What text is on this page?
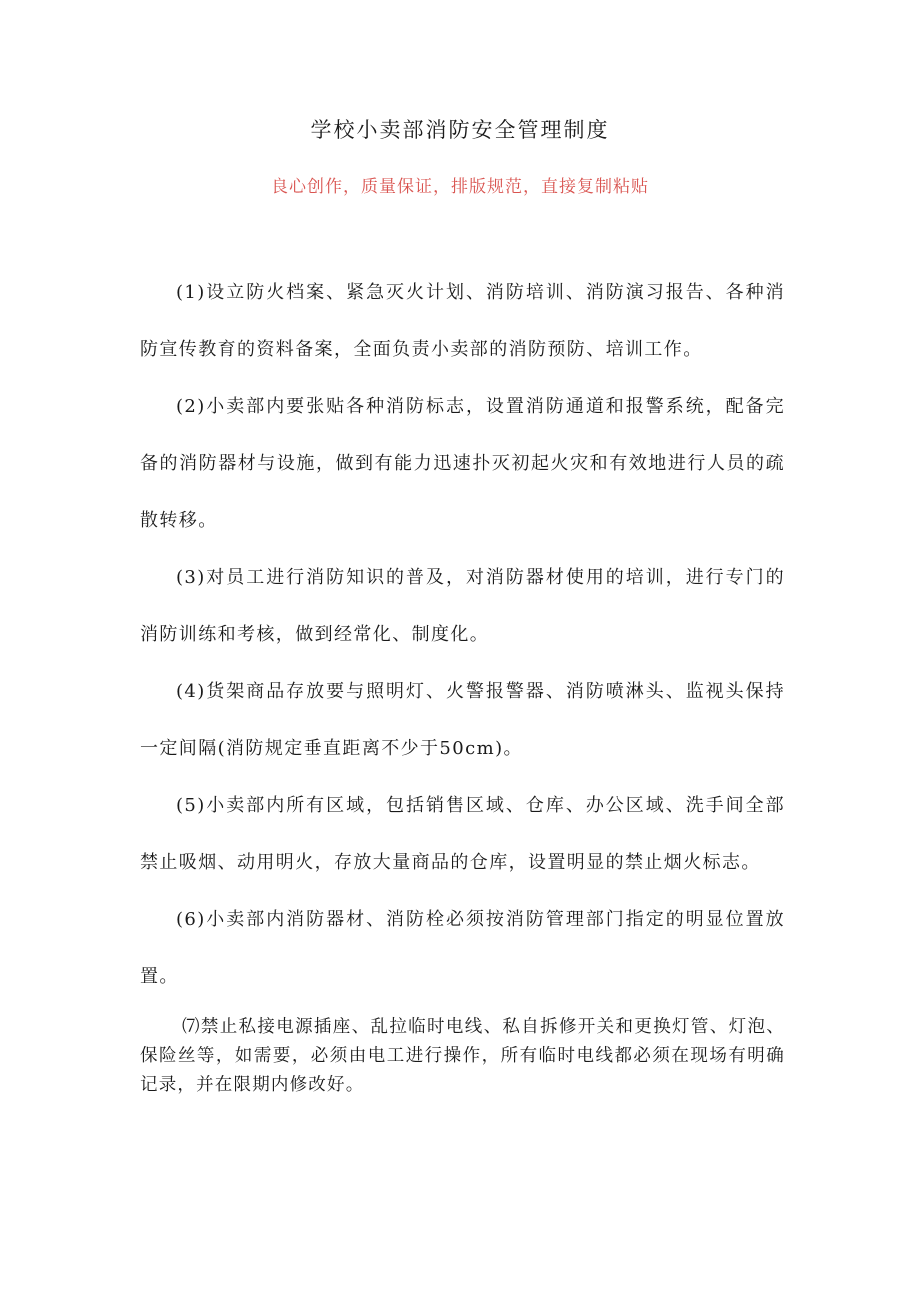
学校小卖部消防安全管理制度
良心创作，质量保证，排版规范，直接复制粘贴

(1)设立防火档案、紧急灭火计划、消防培训、消防演习报告、各种消防宣传教育的资料备案，全面负责小卖部的消防预防、培训工作。

(2)小卖部内要张贴各种消防标志，设置消防通道和报警系统，配备完备的消防器材与设施，做到有能力迅速扑灭初起火灾和有效地进行人员的疏散转移。

(3)对员工进行消防知识的普及，对消防器材使用的培训，进行专门的消防训练和考核，做到经常化、制度化。

(4)货架商品存放要与照明灯、火警报警器、消防喷淋头、监视头保持一定间隔(消防规定垂直距离不少于50cm)。

(5)小卖部内所有区域，包括销售区域、仓库、办公区域、洗手间全部禁止吸烟、动用明火，存放大量商品的仓库，设置明显的禁止烟火标志。

(6)小卖部内消防器材、消防栓必须按消防管理部门指定的明显位置放置。

⑺禁止私接电源插座、乱拉临时电线、私自拆修开关和更换灯管、灯泡、保险丝等，如需要，必须由电工进行操作，所有临时电线都必须在现场有明确记录，并在限期内修改好。
